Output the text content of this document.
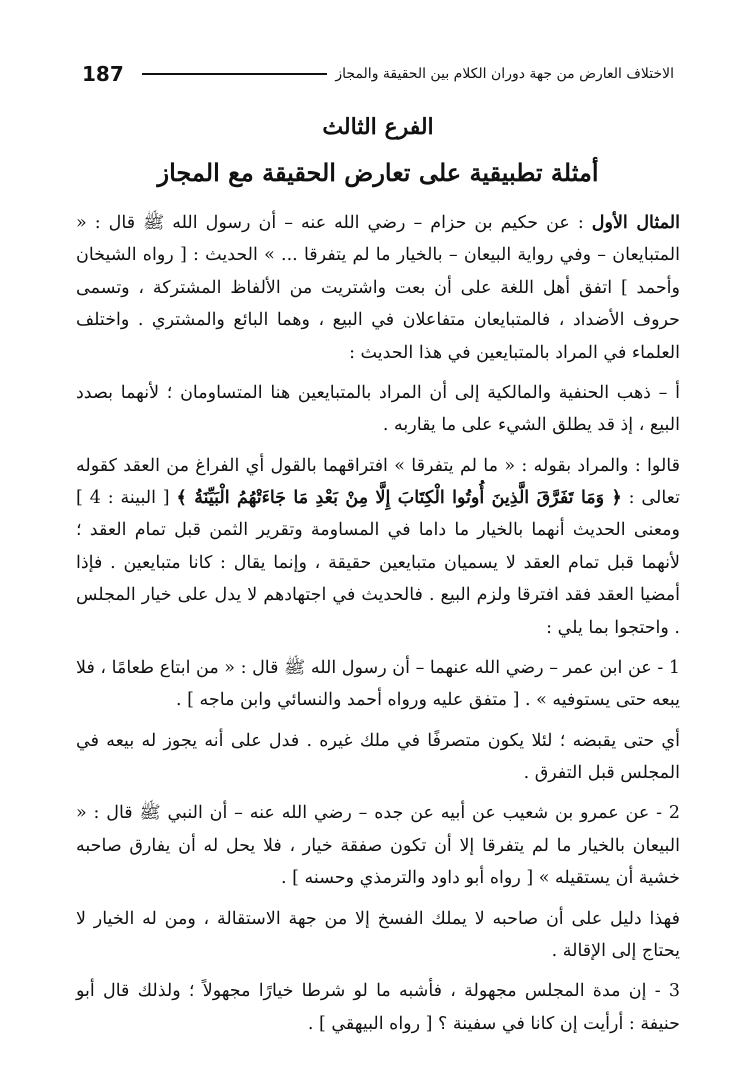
187	الاختلاف العارض من جهة دوران الكلام بين الحقيقة والمجاز
الفرع الثالث
أمثلة تطبيقية على تعارض الحقيقة مع المجاز

المثال الأول : عن حكيم بن حزام – رضي الله عنه – أن رسول الله ﷺ قال : « المتبايعان – وفي رواية البيعان – بالخيار ما لم يتفرقا ... » الحديث : [ رواه الشيخان وأحمد ] اتفق أهل اللغة على أن بعت واشتريت من الألفاظ المشتركة ، وتسمى حروف الأضداد ، فالمتبايعان متفاعلان في البيع ، وهما البائع والمشتري . واختلف العلماء في المراد بالمتبايعين في هذا الحديث :

أ – ذهب الحنفية والمالكية إلى أن المراد بالمتبايعين هنا المتساومان ؛ لأنهما بصدد البيع ، إذ قد يطلق الشيء على ما يقاربه .

قالوا : والمراد بقوله : « ما لم يتفرقا » افتراقهما بالقول أي الفراغ من العقد كقوله تعالى : ﴿ وَمَا تَفَرَّقَ الَّذِينَ أُوتُوا الْكِتَابَ إِلَّا مِنْ بَعْدِ مَا جَاءَتْهُمُ الْبَيِّنَةُ ﴾ [ البينة : 4 ] ومعنى الحديث أنهما بالخيار ما داما في المساومة وتقرير الثمن قبل تمام العقد ؛ لأنهما قبل تمام العقد لا يسميان متبايعين حقيقة ، وإنما يقال : كانا متبايعين . فإذا أمضيا العقد فقد افترقا ولزم البيع . فالحديث في اجتهادهم لا يدل على خيار المجلس . واحتجوا بما يلي :

1 - عن ابن عمر – رضي الله عنهما – أن رسول الله ﷺ قال : « من ابتاع طعامًا ، فلا يبعه حتى يستوفيه » . [ متفق عليه ورواه أحمد والنسائي وابن ماجه ] .

أي حتى يقبضه ؛ لئلا يكون متصرفًا في ملك غيره . فدل على أنه يجوز له بيعه في المجلس قبل التفرق .

2 - عن عمرو بن شعيب عن أبيه عن جده – رضي الله عنه – أن النبي ﷺ قال : « البيعان بالخيار ما لم يتفرقا إلا أن تكون صفقة خيار ، فلا يحل له أن يفارق صاحبه خشية أن يستقيله » [ رواه أبو داود والترمذي وحسنه ] .

فهذا دليل على أن صاحبه لا يملك الفسخ إلا من جهة الاستقالة ، ومن له الخيار لا يحتاج إلى الإقالة .

3 - إن مدة المجلس مجهولة ، فأشبه ما لو شرطا خيارًا مجهولاً ؛ ولذلك قال أبو حنيفة : أرأيت إن كانا في سفينة ؟ [ رواه البيهقي ] .
